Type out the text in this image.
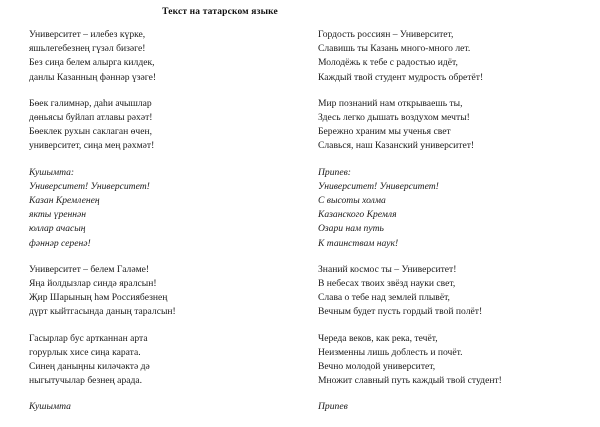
Текст на татарском языке
Университет – илебез күрке,
яшьлегебезнең гүзәл бизәге!
Без сиңа белем алырга килдек,
данлы Казанның фәннәр үзәге!
Бөек галимнәр, даһи ачышлар
дөньясы буйлап атлавы рәхәт!
Бөеклек рухын саклаган өчен,
университет, сиңа мең рәхмәт!
Кушымта:
Университет! Университет!
Казан Кремленең
якты үреннән
юллар ачасың
фәннәр серенә!
Университет – белем Галәме!
Яңа йолдызлар синдә яралсын!
Җир Шарының һәм Россиябезнең
дүрт кыйтгасында даның таралсын!
Гасырлар бус артканнан арта
горурлык хисе сиңа карата.
Синең даныңны киләчәктә дә
ныгытучылар безнең арада.
Кушымта
Гордость россиян – Университет,
Славишь ты Казань много-много лет.
Молодёжь к тебе с радостью идёт,
Каждый твой студент мудрость обретёт!
Мир познаний нам открываешь ты,
Здесь легко дышать воздухом мечты!
Бережно храним мы ученья свет
Славься, наш Казанский университет!
Припев:
Университет! Университет!
С высоты холма
Казанского Кремля
Озари нам путь
К таинствам наук!
Знаний космос ты – Университет!
В небесах твоих звёзд науки свет,
Слава о тебе над землей плывёт,
Вечным будет пусть гордый твой полёт!
Череда веков, как река, течёт,
Неизменны лишь доблесть и почёт.
Вечно молодой университет,
Множит славный путь каждый твой студент!
Припев
